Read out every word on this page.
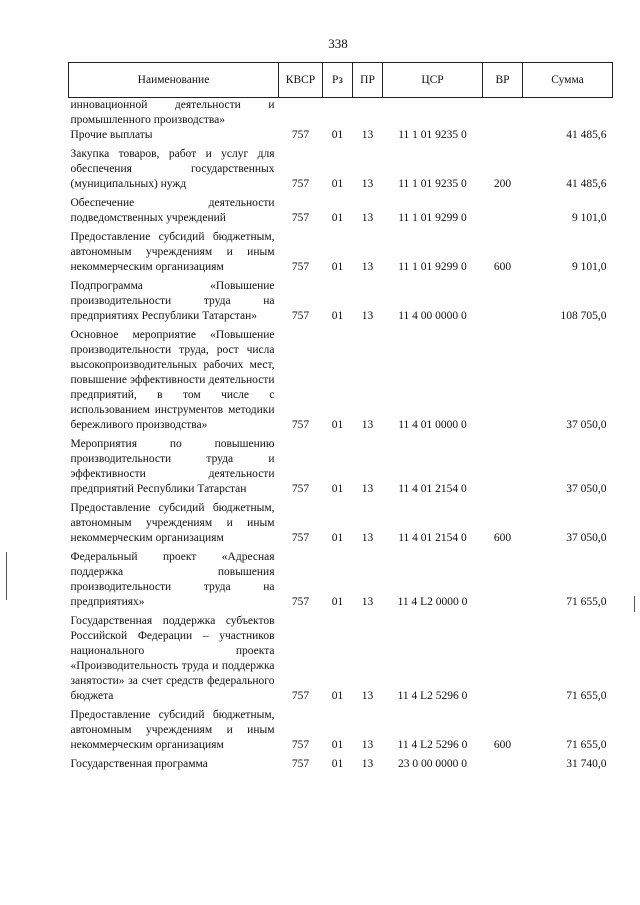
338
Наименование	КВСР	Рз	ПР	ЦСР	ВР	Сумма
инновационной деятельности и промышленного производства»						
Прочие выплаты	757	01	13	11 1 01 9235 0		41 485,6
Закупка товаров, работ и услуг для обеспечения государственных (муниципальных) нужд	757	01	13	11 1 01 9235 0	200	41 485,6
Обеспечение деятельности подведомственных учреждений	757	01	13	11 1 01 9299 0		9 101,0
Предоставление субсидий бюджетным, автономным учреждениям и иным некоммерческим организациям	757	01	13	11 1 01 9299 0	600	9 101,0
Подпрограмма «Повышение производительности труда на предприятиях Республики Татарстан»	757	01	13	11 4 00 0000 0		108 705,0
Основное мероприятие «Повышение производительности труда, рост числа высокопроизводительных рабочих мест, повышение эффективности деятельности предприятий, в том числе с использованием инструментов методики бережливого производства»	757	01	13	11 4 01 0000 0		37 050,0
Мероприятия по повышению производительности труда и эффективности деятельности предприятий Республики Татарстан	757	01	13	11 4 01 2154 0		37 050,0
Предоставление субсидий бюджетным, автономным учреждениям и иным некоммерческим организациям	757	01	13	11 4 01 2154 0	600	37 050,0
Федеральный проект «Адресная поддержка повышения производительности труда на предприятиях»	757	01	13	11 4 L2 0000 0		71 655,0
Государственная поддержка субъектов Российской Федерации – участников национального проекта «Производительность труда и поддержка занятости» за счет средств федерального бюджета	757	01	13	11 4 L2 5296 0		71 655,0
Предоставление субсидий бюджетным, автономным учреждениям и иным некоммерческим организациям	757	01	13	11 4 L2 5296 0	600	71 655,0
Государственная программа	757	01	13	23 0 00 0000 0		31 740,0
